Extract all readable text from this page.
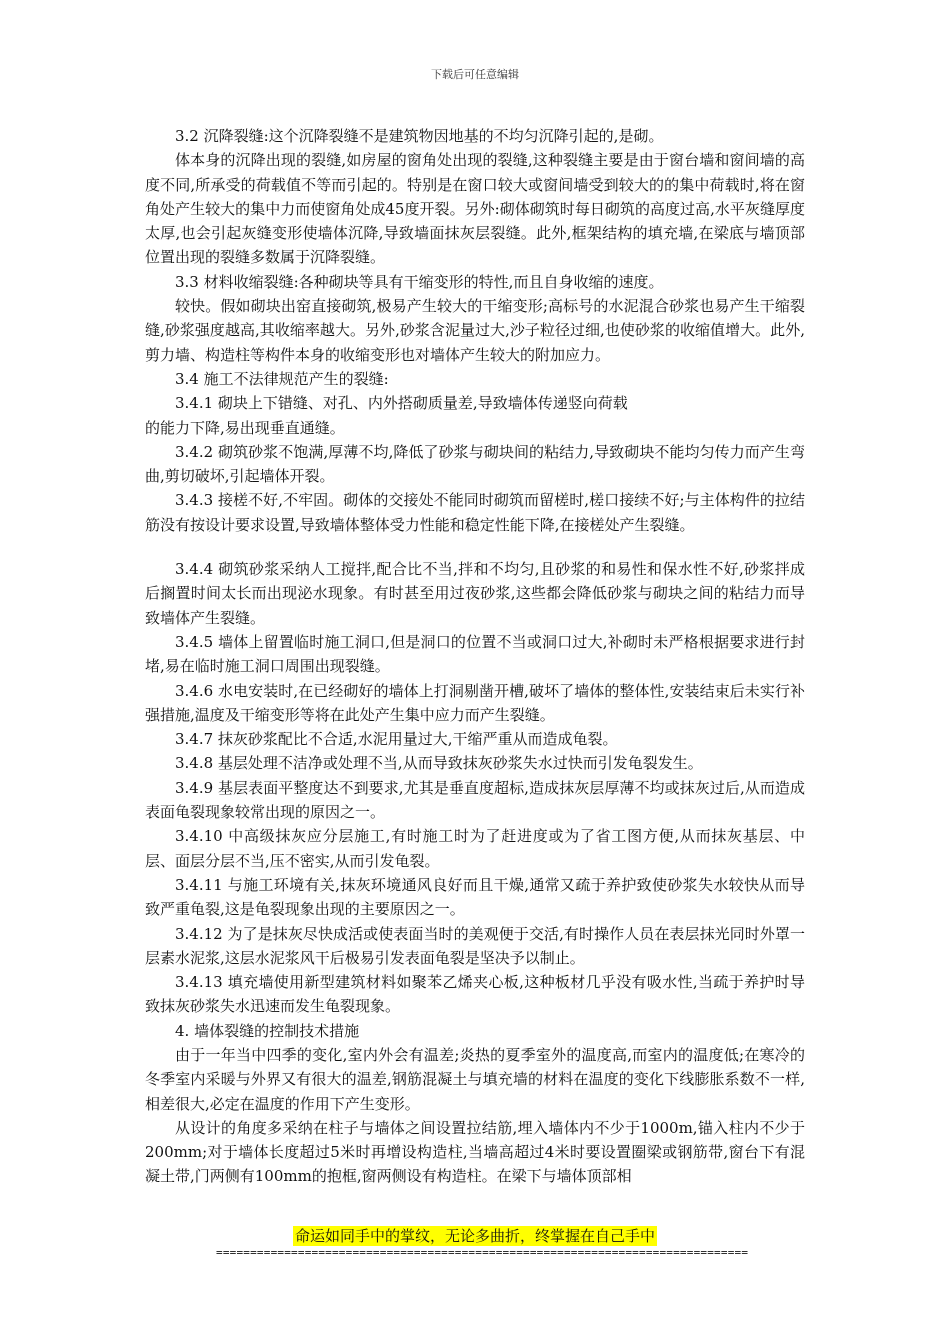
下载后可任意编辑

3.2 沉降裂缝:这个沉降裂缝不是建筑物因地基的不均匀沉降引起的,是砌。

体本身的沉降出现的裂缝,如房屋的窗角处出现的裂缝,这种裂缝主要是由于窗台墙和窗间墙的高度不同,所承受的荷载值不等而引起的。特别是在窗口较大或窗间墙受到较大的的集中荷载时,将在窗角处产生较大的集中力而使窗角处成45度开裂。另外:砌体砌筑时每日砌筑的高度过高,水平灰缝厚度太厚,也会引起灰缝变形使墙体沉降,导致墙面抹灰层裂缝。此外,框架结构的填充墙,在梁底与墙顶部位置出现的裂缝多数属于沉降裂缝。

3.3 材料收缩裂缝:各种砌块等具有干缩变形的特性,而且自身收缩的速度。

较快。假如砌块出窑直接砌筑,极易产生较大的干缩变形;高标号的水泥混合砂浆也易产生干缩裂缝,砂浆强度越高,其收缩率越大。另外,砂浆含泥量过大,沙子粒径过细,也使砂浆的收缩值增大。此外,剪力墙、构造柱等构件本身的收缩变形也对墙体产生较大的附加应力。

3.4 施工不法律规范产生的裂缝:

3.4.1 砌块上下错缝、对孔、内外搭砌质量差,导致墙体传递竖向荷载

的能力下降,易出现垂直通缝。

3.4.2 砌筑砂浆不饱满,厚薄不均,降低了砂浆与砌块间的粘结力,导致砌块不能均匀传力而产生弯曲,剪切破坏,引起墙体开裂。

3.4.3 接槎不好,不牢固。砌体的交接处不能同时砌筑而留槎时,槎口接续不好;与主体构件的拉结筋没有按设计要求设置,导致墙体整体受力性能和稳定性能下降,在接槎处产生裂缝。

3.4.4 砌筑砂浆采纳人工搅拌,配合比不当,拌和不均匀,且砂浆的和易性和保水性不好,砂浆拌成后搁置时间太长而出现泌水现象。有时甚至用过夜砂浆,这些都会降低砂浆与砌块之间的粘结力而导致墙体产生裂缝。

3.4.5 墙体上留置临时施工洞口,但是洞口的位置不当或洞口过大,补砌时未严格根据要求进行封堵,易在临时施工洞口周围出现裂缝。

3.4.6 水电安装时,在已经砌好的墙体上打洞剔凿开槽,破坏了墙体的整体性,安装结束后未实行补强措施,温度及干缩变形等将在此处产生集中应力而产生裂缝。

3.4.7 抹灰砂浆配比不合适,水泥用量过大,干缩严重从而造成龟裂。

3.4.8 基层处理不洁净或处理不当,从而导致抹灰砂浆失水过快而引发龟裂发生。

3.4.9 基层表面平整度达不到要求,尤其是垂直度超标,造成抹灰层厚薄不均或抹灰过后,从而造成表面龟裂现象较常出现的原因之一。

3.4.10 中高级抹灰应分层施工,有时施工时为了赶进度或为了省工图方便,从而抹灰基层、中层、面层分层不当,压不密实,从而引发龟裂。

3.4.11 与施工环境有关,抹灰环境通风良好而且干燥,通常又疏于养护致使砂浆失水较快从而导致严重龟裂,这是龟裂现象出现的主要原因之一。

3.4.12 为了是抹灰尽快成活或使表面当时的美观便于交活,有时操作人员在表层抹光同时外罩一层素水泥浆,这层水泥浆风干后极易引发表面龟裂是坚决予以制止。

3.4.13 填充墙使用新型建筑材料如聚苯乙烯夹心板,这种板材几乎没有吸水性,当疏于养护时导致抹灰砂浆失水迅速而发生龟裂现象。

4. 墙体裂缝的控制技术措施

由于一年当中四季的变化,室内外会有温差;炎热的夏季室外的温度高,而室内的温度低;在寒冷的冬季室内采暖与外界又有很大的温差,钢筋混凝土与填充墙的材料在温度的变化下线膨胀系数不一样,相差很大,必定在温度的作用下产生变形。

从设计的角度多采纳在柱子与墙体之间设置拉结筋,埋入墙体内不少于1000m,锚入柱内不少于200mm;对于墙体长度超过5米时再增设构造柱,当墙高超过4米时要设置圈梁或钢筋带,窗台下有混凝土带,门两侧有100mm的抱框,窗两侧设有构造柱。在梁下与墙体顶部相

命运如同手中的掌纹，无论多曲折，终掌握在自己手中
==============================================================================
